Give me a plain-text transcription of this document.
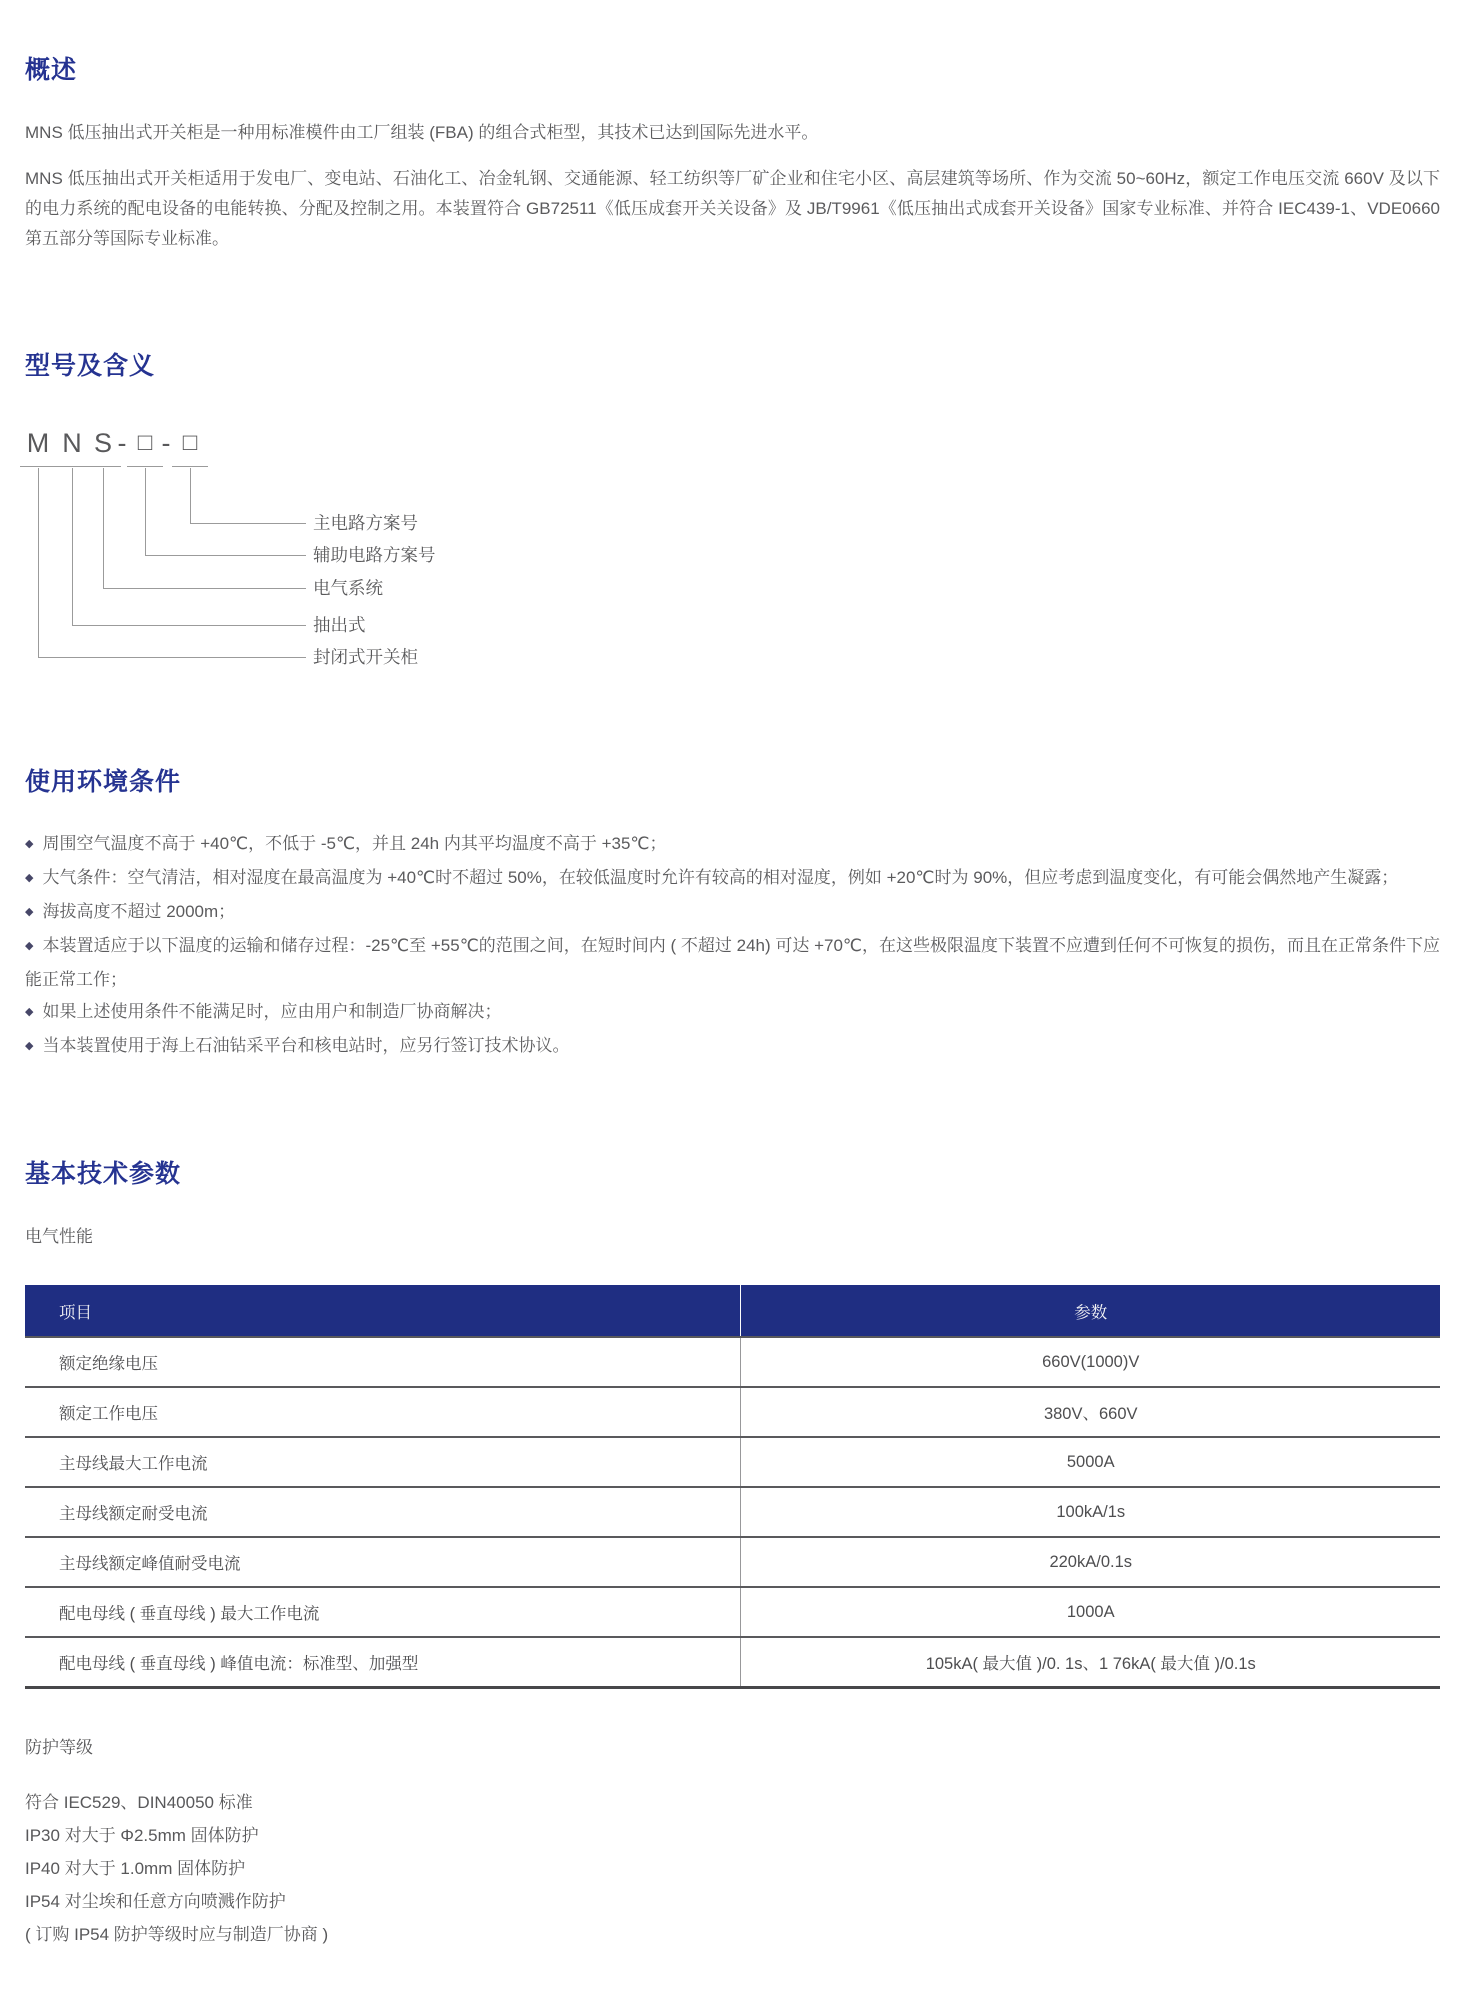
概述

MNS 低压抽出式开关柜是一种用标准模件由工厂组装 (FBA) 的组合式柜型，其技术已达到国际先进水平。

MNS 低压抽出式开关柜适用于发电厂、变电站、石油化工、冶金轧钢、交通能源、轻工纺织等厂矿企业和住宅小区、高层建筑等场所、作为交流 50~60Hz，额定工作电压交流 660V 及以下的电力系统的配电设备的电能转换、分配及控制之用。本装置符合 GB72511《低压成套开关关设备》及 JB/T9961《低压抽出式成套开关设备》国家专业标准、并符合 IEC439-1、VDE0660 第五部分等国际专业标准。

型号及含义
M N S - □ - □
主电路方案号
辅助电路方案号
电气系统
抽出式
封闭式开关柜
使用环境条件
◆ 周围空气温度不高于 +40℃，不低于 -5℃，并且 24h 内其平均温度不高于 +35℃；
◆ 大气条件：空气清洁，相对湿度在最高温度为 +40℃时不超过 50%，在较低温度时允许有较高的相对湿度，例如 +20℃时为 90%，但应考虑到温度变化，有可能会偶然地产生凝露；
◆ 海拔高度不超过 2000m；
◆ 本装置适应于以下温度的运输和储存过程：-25℃至 +55℃的范围之间，在短时间内 ( 不超过 24h) 可达 +70℃，在这些极限温度下装置不应遭到任何不可恢复的损伤，而且在正常条件下应能正常工作；
◆ 如果上述使用条件不能满足时，应由用户和制造厂协商解决；
◆ 当本装置使用于海上石油钻采平台和核电站时，应另行签订技术协议。
基本技术参数

电气性能

项目	参数
额定绝缘电压	660V(1000)V
额定工作电压	380V、660V
主母线最大工作电流	5000A
主母线额定耐受电流	100kA/1s
主母线额定峰值耐受电流	220kA/0.1s
配电母线 ( 垂直母线 ) 最大工作电流	1000A
配电母线 ( 垂直母线 ) 峰值电流：标准型、加强型	105kA( 最大值 )/0. 1s、1 76kA( 最大值 )/0.1s

防护等级

符合 IEC529、DIN40050 标准

IP30 对大于 Φ2.5mm 固体防护

IP40 对大于 1.0mm 固体防护

IP54 对尘埃和任意方向喷溅作防护

( 订购 IP54 防护等级时应与制造厂协商 )
